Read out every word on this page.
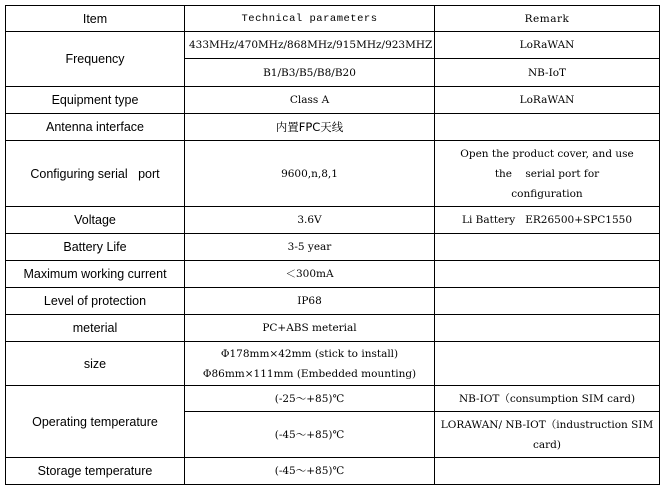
Item	Technical parameters	Remark
Frequency	433MHz/470MHz/868MHz/915MHz/923MHZ	LoRaWAN
	B1/B3/B5/B8/B20	NB-IoT
Equipment type	Class A	LoRaWAN
Antenna interface	内置FPC天线	
Configuring serial   port	9600,n,8,1	Open the product cover, and use
the    serial port for
configuration

Voltage	3.6V	Li Battery   ER26500+SPC1550
Battery Life	3-5 year	
Maximum working current	＜300mA	
Level of protection	IP68	
meterial	PC+ABS meterial	
size	Φ178mm×42mm (stick to install)
Φ86mm×111mm (Embedded mounting)	

Operating temperature	(-25～+85)℃	NB-IOT（consumption SIM card)

	(-45～+85)℃	LORAWAN/ NB-IOT（industruction SIM
card)

Storage temperature	(-45～+85)℃	
